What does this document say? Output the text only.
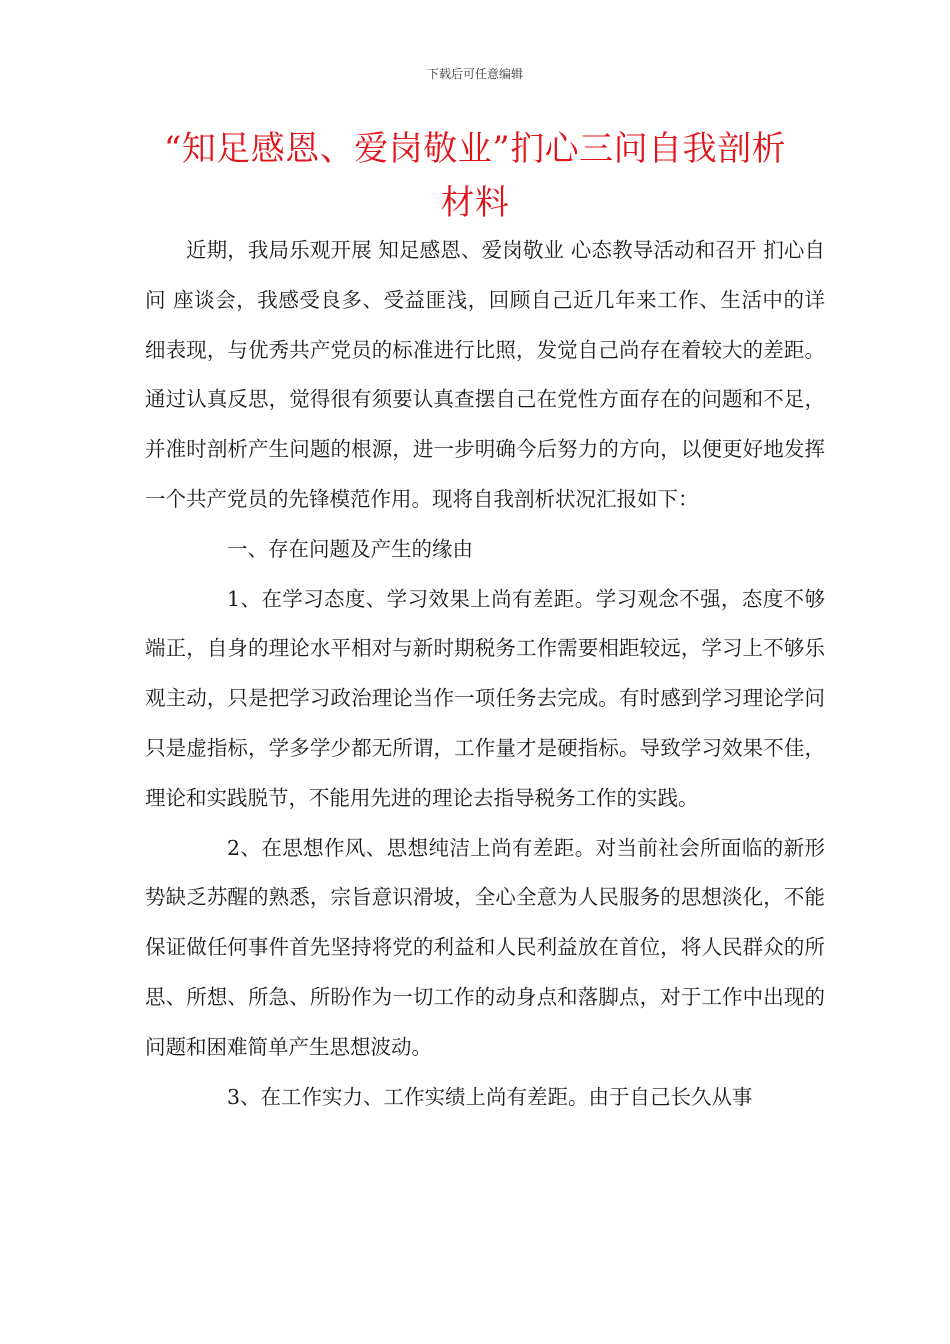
下载后可任意编辑
“知足感恩、爱岗敬业”扪心三问自我剖析
材料

近期，我局乐观开展 知足感恩、爱岗敬业 心态教导活动和召开 扪心自问 座谈会，我感受良多、受益匪浅，回顾自己近几年来工作、生活中的详细表现，与优秀共产党员的标准进行比照，发觉自己尚存在着较大的差距。通过认真反思，觉得很有须要认真查摆自己在党性方面存在的问题和不足，并准时剖析产生问题的根源，进一步明确今后努力的方向，以便更好地发挥一个共产党员的先锋模范作用。现将自我剖析状况汇报如下：

一、存在问题及产生的缘由

1、在学习态度、学习效果上尚有差距。学习观念不强，态度不够端正，自身的理论水平相对与新时期税务工作需要相距较远，学习上不够乐观主动，只是把学习政治理论当作一项任务去完成。有时感到学习理论学问只是虚指标，学多学少都无所谓，工作量才是硬指标。导致学习效果不佳，理论和实践脱节，不能用先进的理论去指导税务工作的实践。

2、在思想作风、思想纯洁上尚有差距。对当前社会所面临的新形势缺乏苏醒的熟悉，宗旨意识滑坡，全心全意为人民服务的思想淡化，不能保证做任何事件首先坚持将党的利益和人民利益放在首位，将人民群众的所思、所想、所急、所盼作为一切工作的动身点和落脚点，对于工作中出现的问题和困难简单产生思想波动。

3、在工作实力、工作实绩上尚有差距。由于自己长久从事
